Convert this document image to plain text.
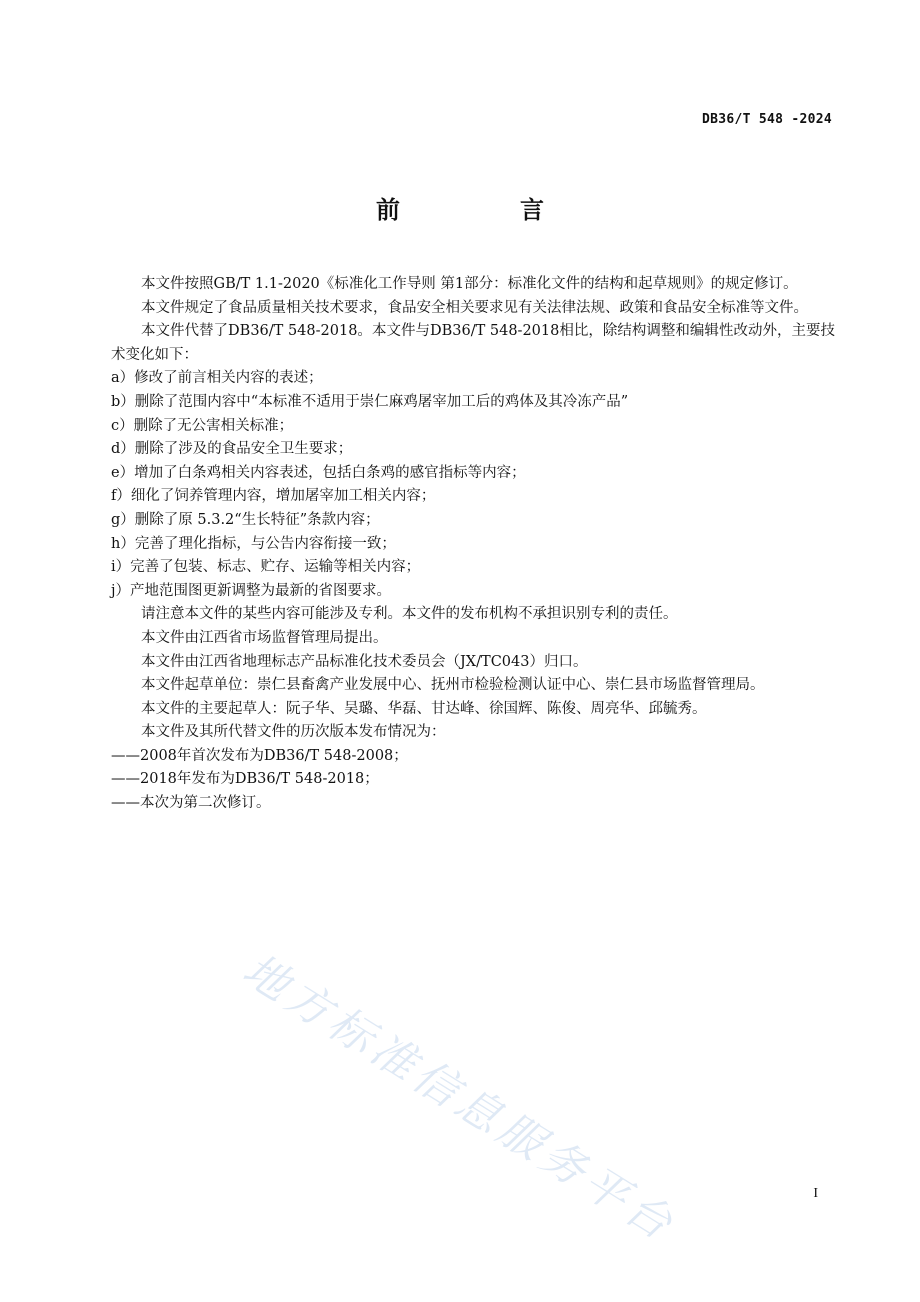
DB36/T 548 -2024
前　言

本文件按照GB/T 1.1-2020《标准化工作导则 第1部分：标准化文件的结构和起草规则》的规定修订。

本文件规定了食品质量相关技术要求，食品安全相关要求见有关法律法规、政策和食品安全标准等文件。

本文件代替了DB36/T 548-2018。本文件与DB36/T 548-2018相比，除结构调整和编辑性改动外，主要技术变化如下：

a）修改了前言相关内容的表述；

b）删除了范围内容中“本标准不适用于崇仁麻鸡屠宰加工后的鸡体及其冷冻产品”

c）删除了无公害相关标准；

d）删除了涉及的食品安全卫生要求；

e）增加了白条鸡相关内容表述，包括白条鸡的感官指标等内容；

f）细化了饲养管理内容，增加屠宰加工相关内容；

g）删除了原 5.3.2“生长特征”条款内容；

h）完善了理化指标，与公告内容衔接一致；

i）完善了包装、标志、贮存、运输等相关内容；

j）产地范围图更新调整为最新的省图要求。

请注意本文件的某些内容可能涉及专利。本文件的发布机构不承担识别专利的责任。

本文件由江西省市场监督管理局提出。

本文件由江西省地理标志产品标准化技术委员会（JX/TC043）归口。

本文件起草单位：崇仁县畜禽产业发展中心、抚州市检验检测认证中心、崇仁县市场监督管理局。

本文件的主要起草人：阮子华、吴璐、华磊、甘达峰、徐国辉、陈俊、周亮华、邱毓秀。

本文件及其所代替文件的历次版本发布情况为：

——2008年首次发布为DB36/T 548-2008；

——2018年发布为DB36/T 548-2018；

——本次为第二次修订。

地方标准信息服务平台	I
